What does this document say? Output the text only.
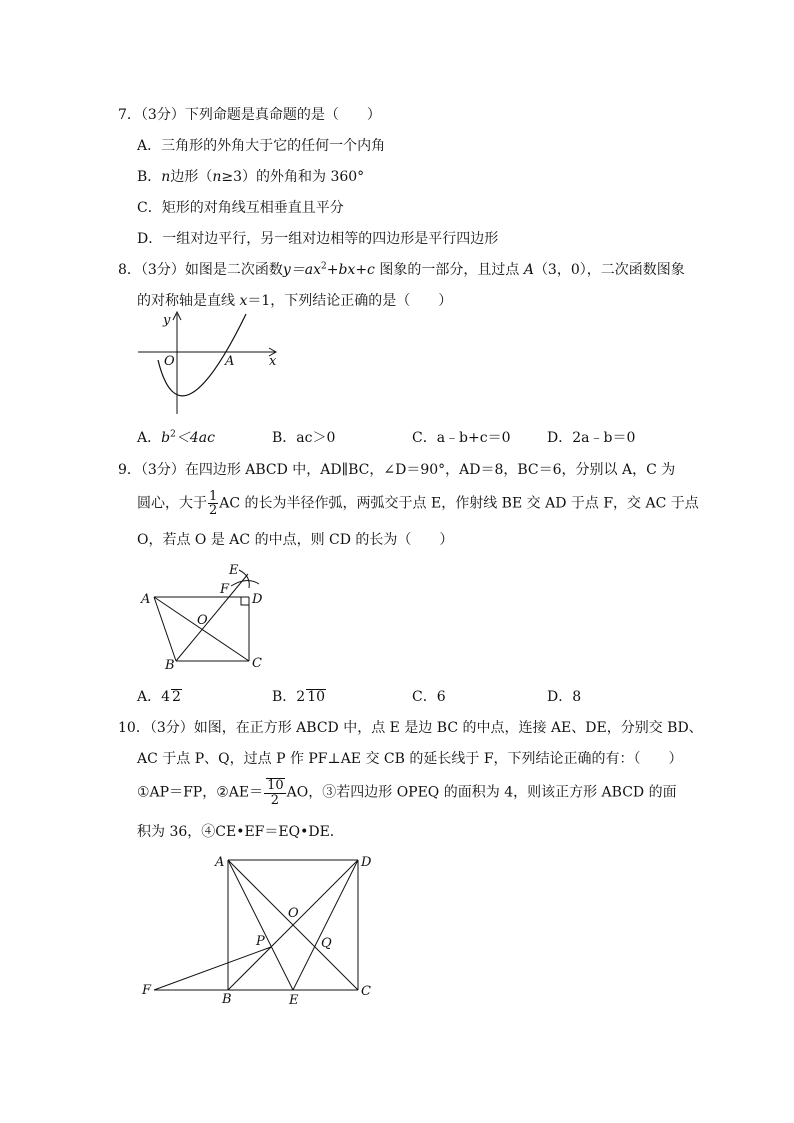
7．（3分）下列命题是真命题的是（　　）
A．三角形的外角大于它的任何一个内角
B．n边形（n≥3）的外角和为 360°
C．矩形的对角线互相垂直且平分
D．一组对边平行，另一组对边相等的四边形是平行四边形
8．（3分）如图是二次函数$y=ax^2+bx+c$ 图象的一部分，且过点 A（3，0），二次函数图象
的对称轴是直线 x＝1，下列结论正确的是（　　）
y
x
O	A
A．$b^2<4ac$	B．ac＞0	C．a﹣b+c＝0	D．2a﹣b＝0
9．（3分）在四边形 ABCD 中，AD∥BC，∠D＝90°，AD＝8，BC＝6，分别以 A，C 为
圆心，大于 $\frac{1}{2}$ AC 的长为半径作弧，两弧交于点 E，作射线 BE 交 AD 于点 F，交 AC 于点
O，若点 O 是 AC 的中点，则 CD 的长为（　　）
A
B	C
D
E
F
O
A．4 2	B．2 10	C．6	D．8
10．（3分）如图，在正方形 ABCD 中，点 E 是边 BC 的中点，连接 AE、DE，分别交 BD、
AC 于点 P、Q，过点 P 作 PF⊥AE 交 CB 的延长线于 F，下列结论正确的有：（　　）
①AP＝FP，②AE＝ $\frac{10}{2}$ AO，③若四边形 OPEQ 的面积为 4，则该正方形 ABCD 的面
积为 36，④CE•EF＝EQ•DE．
A	D
B
C
E
F
O
P	Q
